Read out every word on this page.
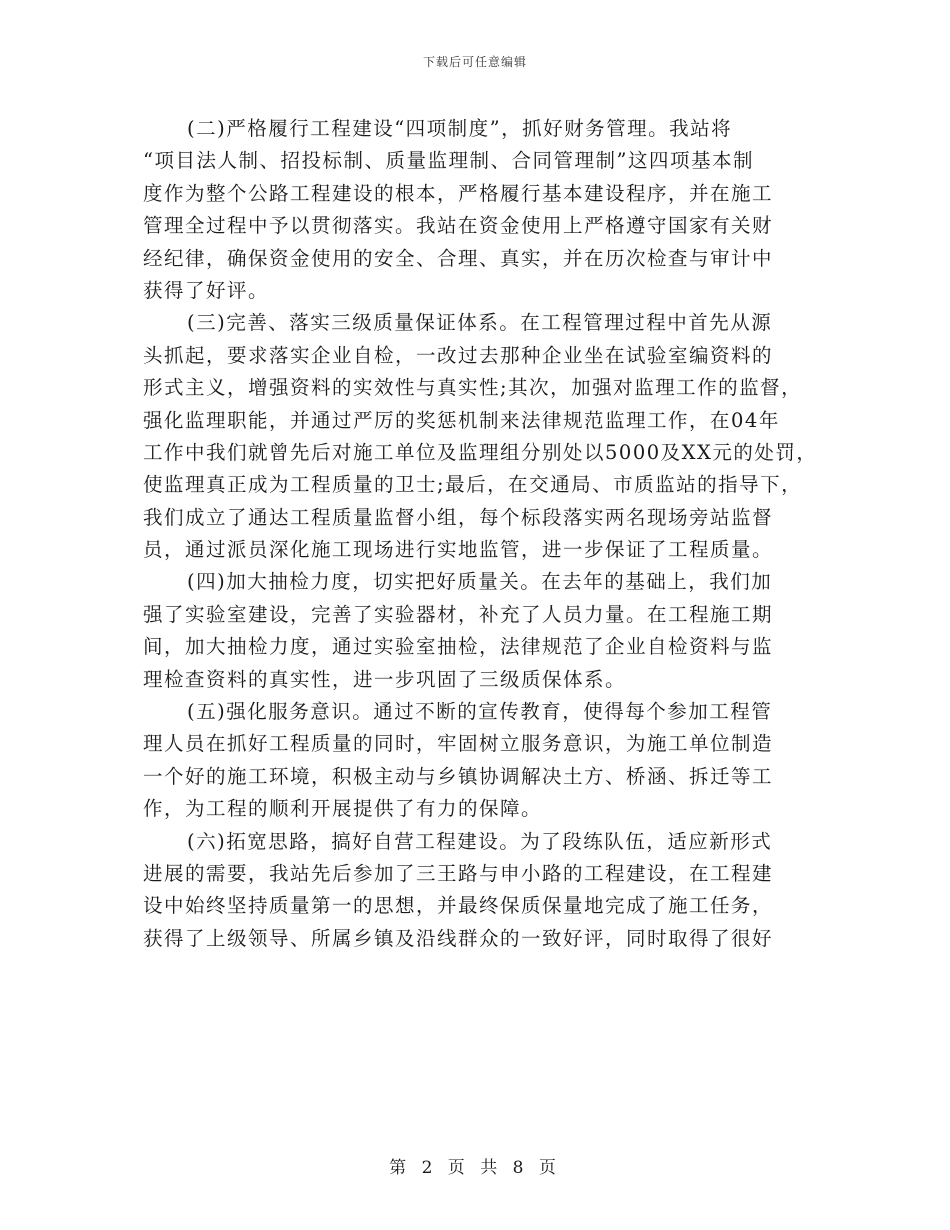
下载后可任意编辑
(二)严格履行工程建设“四项制度”，抓好财务管理。我站将
“项目法人制、招投标制、质量监理制、合同管理制”这四项基本制
度作为整个公路工程建设的根本，严格履行基本建设程序，并在施工
管理全过程中予以贯彻落实。我站在资金使用上严格遵守国家有关财
经纪律，确保资金使用的安全、合理、真实，并在历次检查与审计中
获得了好评。
(三)完善、落实三级质量保证体系。在工程管理过程中首先从源
头抓起，要求落实企业自检，一改过去那种企业坐在试验室编资料的
形式主义，增强资料的实效性与真实性;其次，加强对监理工作的监督，
强化监理职能，并通过严厉的奖惩机制来法律规范监理工作，在04年
工作中我们就曾先后对施工单位及监理组分别处以5000及XX元的处罚，
使监理真正成为工程质量的卫士;最后，在交通局、市质监站的指导下，
我们成立了通达工程质量监督小组，每个标段落实两名现场旁站监督
员，通过派员深化施工现场进行实地监管，进一步保证了工程质量。
(四)加大抽检力度，切实把好质量关。在去年的基础上，我们加
强了实验室建设，完善了实验器材，补充了人员力量。在工程施工期
间，加大抽检力度，通过实验室抽检，法律规范了企业自检资料与监
理检查资料的真实性，进一步巩固了三级质保体系。
(五)强化服务意识。通过不断的宣传教育，使得每个参加工程管
理人员在抓好工程质量的同时，牢固树立服务意识，为施工单位制造
一个好的施工环境，积极主动与乡镇协调解决土方、桥涵、拆迁等工
作，为工程的顺利开展提供了有力的保障。
(六)拓宽思路，搞好自营工程建设。为了段练队伍，适应新形式
进展的需要，我站先后参加了三王路与申小路的工程建设，在工程建
设中始终坚持质量第一的思想，并最终保质保量地完成了施工任务，
获得了上级领导、所属乡镇及沿线群众的一致好评，同时取得了很好
第 2 页 共 8 页
